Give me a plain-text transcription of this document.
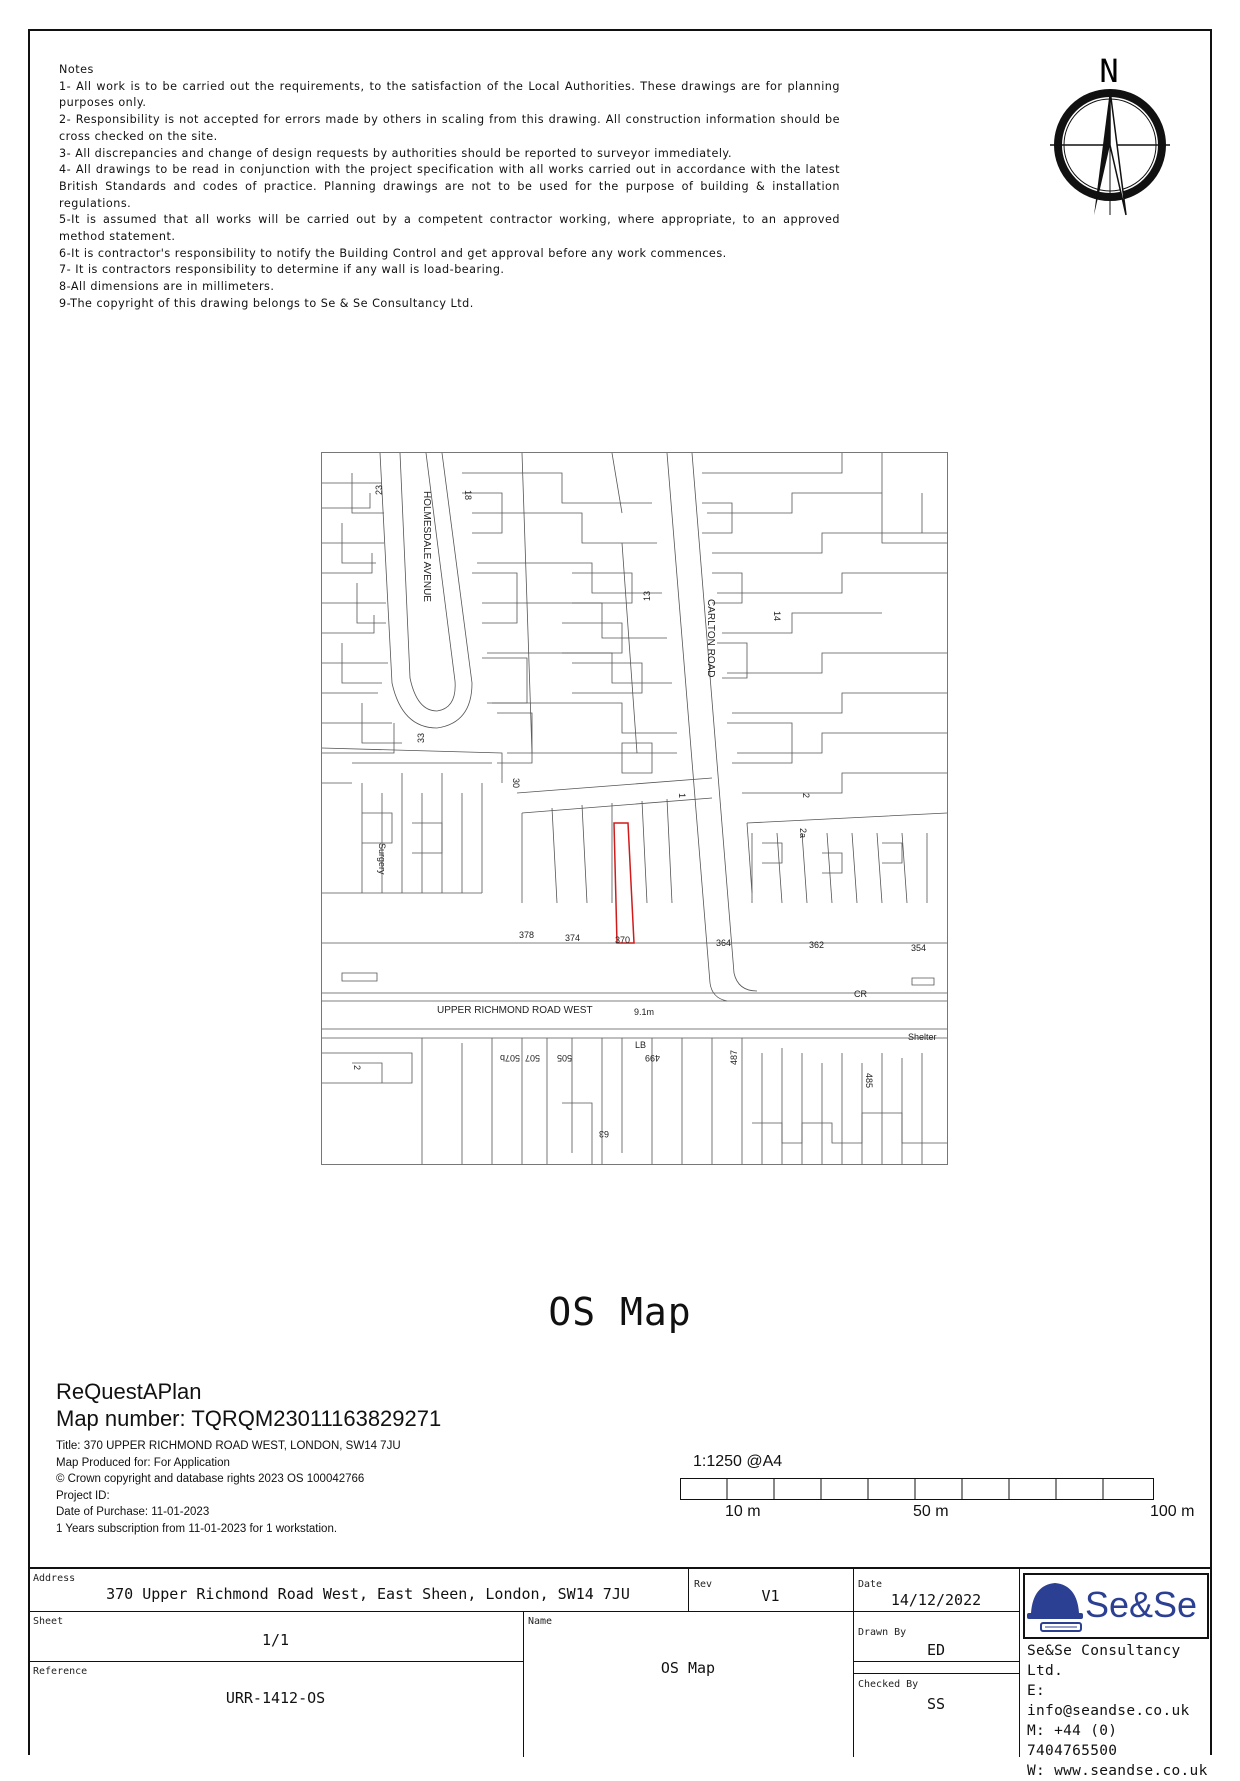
Notes
1- All work is to be carried out the requirements, to the satisfaction of the Local Authorities. These drawings are for planning purposes only.
2- Responsibility is not accepted for errors made by others in scaling from this drawing. All construction information should be cross checked on the site.
3- All discrepancies and change of design requests by authorities should be reported to surveyor immediately.
4- All drawings to be read in conjunction with the project specification with all works carried out in accordance with the latest British Standards and codes of practice. Planning drawings are not to be used for the purpose of building & installation regulations.
5-It is assumed that all works will be carried out by a competent contractor working, where appropriate, to an approved method statement.
6-It is contractor's responsibility to notify the Building Control and get approval before any work commences.
7- It is contractors responsibility to determine if any wall is load-bearing.
8-All dimensions are in millimeters.
9-The copyright of this drawing belongs to Se & Se Consultancy Ltd.
N
HOLMESDALE AVENUE
CARLTON ROAD
UPPER RICHMOND ROAD WEST
23
18
13
14
33
30
1	2
2a
Surgery
378	374	370	364	362	354
9.1m
CR
LB
Shelter
2
507b 507 505	499	487
485
63
OS Map
ReQuestAPlan
Map number: TQRQM23011163829271
Title: 370 UPPER RICHMOND ROAD WEST, LONDON, SW14 7JU
Map Produced for: For Application
© Crown copyright and database rights 2023 OS 100042766
Project ID:
Date of Purchase: 11-01-2023
1 Years subscription from 11-01-2023 for 1 workstation.
1:1250 @A4
10 m	50 m	100 m
Address
370 Upper Richmond Road West, East Sheen, London, SW14 7JU
Rev
V1
Date
14/12/2022
Sheet
1/1
Name
OS Map
Drawn By
ED
Reference
URR-1412-OS
Checked By
SS
Se&Se
Se&Se Consultancy Ltd.
E: info@seandse.co.uk
M: +44 (0) 7404765500
W: www.seandse.co.uk
